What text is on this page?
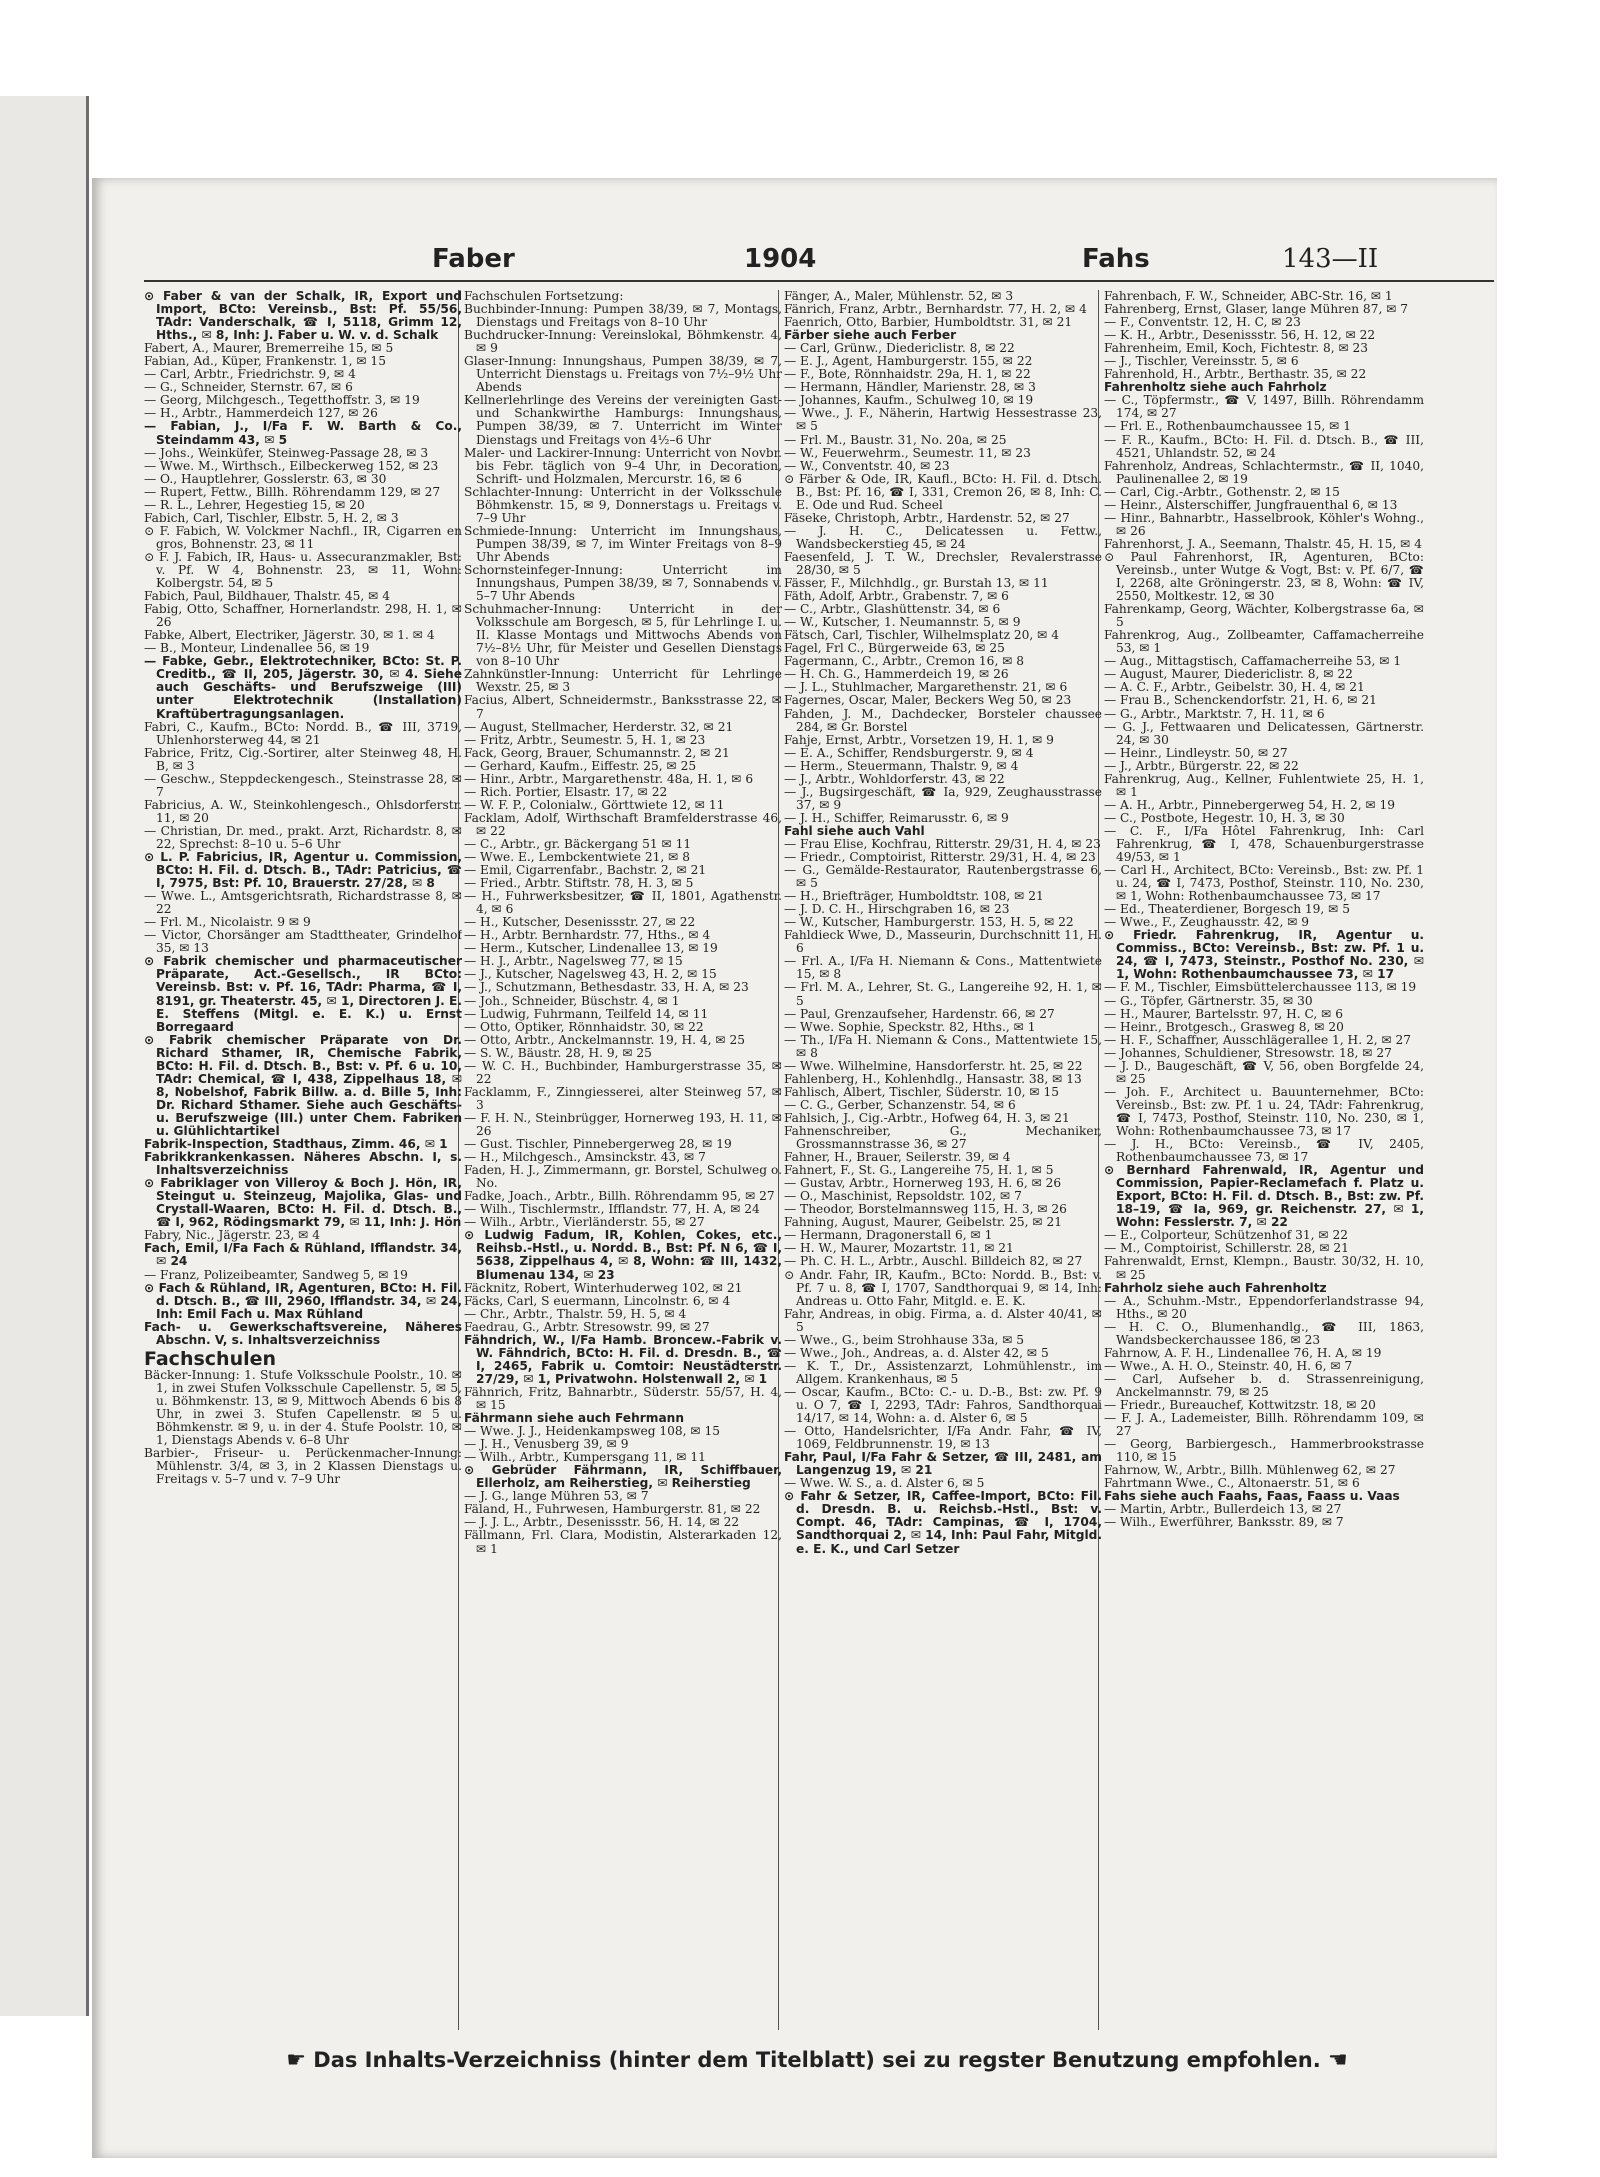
Faber	1904	Fahs	143—II

⊙ Faber & van der Schalk, IR, Export und Import, BCto: Vereinsb., Bst: Pf. 55/56, TAdr: Vanderschalk, ☎ I, 5118, Grimm 12, Hths., ✉ 8, Inh: J. Faber u. W. v. d. Schalk

Fabert, A., Maurer, Bremerreihe 15, ✉ 5

Fabian, Ad., Küper, Frankenstr. 1, ✉ 15

— Carl, Arbtr., Friedrichstr. 9, ✉ 4

— G., Schneider, Sternstr. 67, ✉ 6

— Georg, Milchgesch., Tegetthoffstr. 3, ✉ 19

— H., Arbtr., Hammerdeich 127, ✉ 26

— Fabian, J., I/Fa F. W. Barth & Co., Steindamm 43, ✉ 5

— Johs., Weinküfer, Steinweg-Passage 28, ✉ 3

— Wwe. M., Wirthsch., Eilbeckerweg 152, ✉ 23

— O., Hauptlehrer, Gosslerstr. 63, ✉ 30

— Rupert, Fettw., Billh. Röhrendamm 129, ✉ 27

— R. L., Lehrer, Hegestieg 15, ✉ 20

Fabich, Carl, Tischler, Elbstr. 5, H. 2, ✉ 3

⊙ F. Fabich, W. Volckmer Nachfl., IR, Cigarren en gros, Bohnenstr. 23, ✉ 11

⊙ F. J. Fabich, IR, Haus- u. Assecuranzmakler, Bst: v. Pf. W 4, Bohnenstr. 23, ✉ 11, Wohn: Kolbergstr. 54, ✉ 5

Fabich, Paul, Bildhauer, Thalstr. 45, ✉ 4

Fabig, Otto, Schaffner, Hornerlandstr. 298, H. 1, ✉ 26

Fabke, Albert, Electriker, Jägerstr. 30, ✉ 1. ✉ 4

— B., Monteur, Lindenallee 56, ✉ 19

— Fabke, Gebr., Elektrotechniker, BCto: St. P. Creditb., ☎ II, 205, Jägerstr. 30, ✉ 4. Siehe auch Geschäfts- und Berufszweige (III) unter Elektrotechnik (Installation) Kraftübertragungsanlagen.

Fabri, C., Kaufm., BCto: Nordd. B., ☎ III, 3719, Uhlenhorsterweg 44, ✉ 21

Fabrice, Fritz, Cig.-Sortirer, alter Steinweg 48, H. B, ✉ 3

— Geschw., Steppdeckengesch., Steinstrasse 28, ✉ 7

Fabricius, A. W., Steinkohlengesch., Ohlsdorferstr. 11, ✉ 20

— Christian, Dr. med., prakt. Arzt, Richardstr. 8, ✉ 22, Sprechst: 8–10 u. 5–6 Uhr

⊙ L. P. Fabricius, IR, Agentur u. Commission, BCto: H. Fil. d. Dtsch. B., TAdr: Patricius, ☎ I, 7975, Bst: Pf. 10, Brauerstr. 27/28, ✉ 8

— Wwe. L., Amtsgerichtsrath, Richardstrasse 8, ✉ 22

— Frl. M., Nicolaistr. 9 ✉ 9

— Victor, Chorsänger am Stadttheater, Grindelhof 35, ✉ 13

⊙ Fabrik chemischer und pharmaceutischer Präparate, Act.-Gesellsch., IR BCto: Vereinsb. Bst: v. Pf. 16, TAdr: Pharma, ☎ I, 8191, gr. Theaterstr. 45, ✉ 1, Directoren J. E. E. Steffens (Mitgl. e. E. K.) u. Ernst Borregaard

⊙ Fabrik chemischer Präparate von Dr. Richard Sthamer, IR, Chemische Fabrik, BCto: H. Fil. d. Dtsch. B., Bst: v. Pf. 6 u. 10, TAdr: Chemical, ☎ I, 438, Zippelhaus 18, ✉ 8, Nobelshof, Fabrik Billw. a. d. Bille 5, Inh: Dr. Richard Sthamer. Siehe auch Geschäfts- u. Berufszweige (III.) unter Chem. Fabriken u. Glühlichtartikel

Fabrik-Inspection, Stadthaus, Zimm. 46, ✉ 1

Fabrikkrankenkassen. Näheres Abschn. I, s. Inhaltsverzeichniss

⊙ Fabriklager von Villeroy & Boch J. Hön, IR, Steingut u. Steinzeug, Majolika, Glas- und Crystall-Waaren, BCto: H. Fil. d. Dtsch. B., ☎ I, 962, Rödingsmarkt 79, ✉ 11, Inh: J. Hön

Fabry, Nic., Jägerstr. 23, ✉ 4

Fach, Emil, I/Fa Fach & Rühland, Ifflandstr. 34, ✉ 24

— Franz, Polizeibeamter, Sandweg 5, ✉ 19

⊙ Fach & Rühland, IR, Agenturen, BCto: H. Fil. d. Dtsch. B., ☎ III, 2960, Ifflandstr. 34, ✉ 24, Inh: Emil Fach u. Max Rühland

Fach- u. Gewerkschaftsvereine, Näheres Abschn. V, s. Inhaltsverzeichniss

Fachschulen

Bäcker-Innung: 1. Stufe Volksschule Poolstr., 10. ✉ 1, in zwei Stufen Volksschule Capellenstr. 5, ✉ 5, u. Böhmkenstr. 13, ✉ 9, Mittwoch Abends 6 bis 8 Uhr, in zwei 3. Stufen Capellenstr. ✉ 5 u. Böhmkenstr. ✉ 9, u. in der 4. Stufe Poolstr. 10, ✉ 1, Dienstags Abends v. 6–8 Uhr

Barbier-, Friseur- u. Perückenmacher-Innung: Mühlenstr. 3/4, ✉ 3, in 2 Klassen Dienstags u. Freitags v. 5–7 und v. 7–9 Uhr

Fachschulen Fortsetzung:

Buchbinder-Innung: Pumpen 38/39, ✉ 7, Montags, Dienstags und Freitags von 8–10 Uhr

Buchdrucker-Innung: Vereinslokal, Böhmkenstr. 4, ✉ 9

Glaser-Innung: Innungshaus, Pumpen 38/39, ✉ 7, Unterricht Dienstags u. Freitags von 7½–9½ Uhr Abends

Kellnerlehrlinge des Vereins der vereinigten Gast- und Schankwirthe Hamburgs: Innungshaus, Pumpen 38/39, ✉ 7. Unterricht im Winter Dienstags und Freitags von 4½–6 Uhr

Maler- und Lackirer-Innung: Unterricht von Novbr. bis Febr. täglich von 9–4 Uhr, in Decoration, Schrift- und Holzmalen, Mercurstr. 16, ✉ 6

Schlachter-Innung: Unterricht in der Volksschule Böhmkenstr. 15, ✉ 9, Donnerstags u. Freitags v. 7–9 Uhr

Schmiede-Innung: Unterricht im Innungshaus, Pumpen 38/39, ✉ 7, im Winter Freitags von 8–9 Uhr Abends

Schornsteinfeger-Innung: Unterricht im Innungshaus, Pumpen 38/39, ✉ 7, Sonnabends v. 5–7 Uhr Abends

Schuhmacher-Innung: Unterricht in der Volksschule am Borgesch, ✉ 5, für Lehrlinge I. u. II. Klasse Montags und Mittwochs Abends von 7½–8½ Uhr, für Meister und Gesellen Dienstags von 8–10 Uhr

Zahnkünstler-Innung: Unterricht für Lehrlinge Wexstr. 25, ✉ 3

Facius, Albert, Schneidermstr., Banksstrasse 22, ✉ 7

— August, Stellmacher, Herderstr. 32, ✉ 21

— Fritz, Arbtr., Seumestr. 5, H. 1, ✉ 23

Fack, Georg, Brauer, Schumannstr. 2, ✉ 21

— Gerhard, Kaufm., Eiffestr. 25, ✉ 25

— Hinr., Arbtr., Margarethenstr. 48a, H. 1, ✉ 6

— Rich. Portier, Elsastr. 17, ✉ 22

— W. F. P., Colonialw., Görttwiete 12, ✉ 11

Facklam, Adolf, Wirthschaft Bramfelderstrasse 46, ✉ 22

— C., Arbtr., gr. Bäckergang 51 ✉ 11

— Wwe. E., Lembckentwiete 21, ✉ 8

— Emil, Cigarrenfabr., Bachstr. 2, ✉ 21

— Fried., Arbtr. Stiftstr. 78, H. 3, ✉ 5

— H., Fuhrwerksbesitzer, ☎ II, 1801, Agathenstr. 4, ✉ 6

— H., Kutscher, Desenissstr. 27, ✉ 22

— H., Arbtr. Bernhardstr. 77, Hths., ✉ 4

— Herm., Kutscher, Lindenallee 13, ✉ 19

— H. J., Arbtr., Nagelsweg 77, ✉ 15

— J., Kutscher, Nagelsweg 43, H. 2, ✉ 15

— J., Schutzmann, Bethesdastr. 33, H. A, ✉ 23

— Joh., Schneider, Büschstr. 4, ✉ 1

— Ludwig, Fuhrmann, Teilfeld 14, ✉ 11

— Otto, Optiker, Rönnhaidstr. 30, ✉ 22

— Otto, Arbtr., Anckelmannstr. 19, H. 4, ✉ 25

— S. W., Bäustr. 28, H. 9, ✉ 25

— W. C. H., Buchbinder, Hamburgerstrasse 35, ✉ 22

Facklamm, F., Zinngiesserei, alter Steinweg 57, ✉ 3

— F. H. N., Steinbrügger, Hornerweg 193, H. 11, ✉ 26

— Gust. Tischler, Pinnebergerweg 28, ✉ 19

— H., Milchgesch., Amsinckstr. 43, ✉ 7

Faden, H. J., Zimmermann, gr. Borstel, Schulweg o. No.

Fadke, Joach., Arbtr., Billh. Röhrendamm 95, ✉ 27

— Wilh., Tischlermstr., Ifflandstr. 77, H. A, ✉ 24

— Wilh., Arbtr., Vierländerstr. 55, ✉ 27

⊙ Ludwig Fadum, IR, Kohlen, Cokes, etc., Reihsb.-Hstl., u. Nordd. B., Bst: Pf. N 6, ☎ I, 5638, Zippelhaus 4, ✉ 8, Wohn: ☎ III, 1432, Blumenau 134, ✉ 23

Fäcknitz, Robert, Winterhuderweg 102, ✉ 21

Fäcks, Carl, S euermann, Lincolnstr. 6, ✉ 4

— Chr., Arbtr., Thalstr. 59, H. 5, ✉ 4

Faedrau, G., Arbtr. Stresowstr. 99, ✉ 27

Fähndrich, W., I/Fa Hamb. Broncew.-Fabrik v. W. Fähndrich, BCto: H. Fil. d. Dresdn. B., ☎ I, 2465, Fabrik u. Comtoir: Neustädterstr. 27/29, ✉ 1, Privatwohn. Holstenwall 2, ✉ 1

Fähnrich, Fritz, Bahnarbtr., Süderstr. 55/57, H. 4, ✉ 15

Fährmann siehe auch Fehrmann

— Wwe. J. J., Heidenkampsweg 108, ✉ 15

— J. H., Venusberg 39, ✉ 9

— Wilh., Arbtr., Kumpersgang 11, ✉ 11

⊙ Gebrüder Fährmann, IR, Schiffbauer, Ellerholz, am Reiherstieg, ✉ Reiherstieg

— J. G., lange Mühren 53, ✉ 7

Fäland, H., Fuhrwesen, Hamburgerstr. 81, ✉ 22

— J. J. L., Arbtr., Desenissstr. 56, H. 14, ✉ 22

Fällmann, Frl. Clara, Modistin, Alsterarkaden 12, ✉ 1

Fänger, A., Maler, Mühlenstr. 52, ✉ 3

Fänrich, Franz, Arbtr., Bernhardstr. 77, H. 2, ✉ 4

Faenrich, Otto, Barbier, Humboldtstr. 31, ✉ 21

Färber siehe auch Ferber

— Carl, Grünw., Diedericlistr. 8, ✉ 22

— E. J., Agent, Hamburgerstr. 155, ✉ 22

— F., Bote, Rönnhaidstr. 29a, H. 1, ✉ 22

— Hermann, Händler, Marienstr. 28, ✉ 3

— Johannes, Kaufm., Schulweg 10, ✉ 19

— Wwe., J. F., Näherin, Hartwig Hessestrasse 23, ✉ 5

— Frl. M., Baustr. 31, No. 20a, ✉ 25

— W., Feuerwehrm., Seumestr. 11, ✉ 23

— W., Conventstr. 40, ✉ 23

⊙ Färber & Ode, IR, Kaufl., BCto: H. Fil. d. Dtsch. B., Bst: Pf. 16, ☎ I, 331, Cremon 26, ✉ 8, Inh: C. E. Ode und Rud. Scheel

Fäseke, Christoph, Arbtr., Hardenstr. 52, ✉ 27

— J. H. C., Delicatessen u. Fettw., Wandsbeckerstieg 45, ✉ 24

Faesenfeld, J. T. W., Drechsler, Revalerstrasse 28/30, ✉ 5

Fässer, F., Milchhdlg., gr. Burstah 13, ✉ 11

Fäth, Adolf, Arbtr., Grabenstr. 7, ✉ 6

— C., Arbtr., Glashüttenstr. 34, ✉ 6

— W., Kutscher, 1. Neumannstr. 5, ✉ 9

Fätsch, Carl, Tischler, Wilhelmsplatz 20, ✉ 4

Fagel, Frl C., Bürgerweide 63, ✉ 25

Fagermann, C., Arbtr., Cremon 16, ✉ 8

— H. Ch. G., Hammerdeich 19, ✉ 26

— J. L., Stuhlmacher, Margarethenstr. 21, ✉ 6

Fagernes, Oscar, Maler, Beckers Weg 50, ✉ 23

Fahden, J. M., Dachdecker, Borsteler chaussee 284, ✉ Gr. Borstel

Fahje, Ernst, Arbtr., Vorsetzen 19, H. 1, ✉ 9

— E. A., Schiffer, Rendsburgerstr. 9, ✉ 4

— Herm., Steuermann, Thalstr. 9, ✉ 4

— J., Arbtr., Wohldorferstr. 43, ✉ 22

— J., Bugsirgeschäft, ☎ Ia, 929, Zeughausstrasse 37, ✉ 9

— J. H., Schiffer, Reimarusstr. 6, ✉ 9

Fahl siehe auch Vahl

— Frau Elise, Kochfrau, Ritterstr. 29/31, H. 4, ✉ 23

— Friedr., Comptoirist, Ritterstr. 29/31, H. 4, ✉ 23

— G., Gemälde-Restaurator, Rautenbergstrasse 6, ✉ 5

— H., Briefträger, Humboldtstr. 108, ✉ 21

— J. D. C. H., Hirschgraben 16, ✉ 23

— W., Kutscher, Hamburgerstr. 153, H. 5, ✉ 22

Fahldieck Wwe, D., Masseurin, Durchschnitt 11, H. 6

— Frl. A., I/Fa H. Niemann & Cons., Mattentwiete 15, ✉ 8

— Frl. M. A., Lehrer, St. G., Langereihe 92, H. 1, ✉ 5

— Paul, Grenzaufseher, Hardenstr. 66, ✉ 27

— Wwe. Sophie, Speckstr. 82, Hths., ✉ 1

— Th., I/Fa H. Niemann & Cons., Mattentwiete 15, ✉ 8

— Wwe. Wilhelmine, Hansdorferstr. ht. 25, ✉ 22

Fahlenberg, H., Kohlenhdlg., Hansastr. 38, ✉ 13

Fahlisch, Albert, Tischler, Süderstr. 10, ✉ 15

— C. G., Gerber, Schanzenstr. 54, ✉ 6

Fahlsich, J., Cig.-Arbtr., Hofweg 64, H. 3, ✉ 21

Fahnenschreiber, G., Mechaniker, Grossmannstrasse 36, ✉ 27

Fahner, H., Brauer, Seilerstr. 39, ✉ 4

Fahnert, F., St. G., Langereihe 75, H. 1, ✉ 5

— Gustav, Arbtr., Hornerweg 193, H. 6, ✉ 26

— O., Maschinist, Repsoldstr. 102, ✉ 7

— Theodor, Borstelmannsweg 115, H. 3, ✉ 26

Fahning, August, Maurer, Geibelstr. 25, ✉ 21

— Hermann, Dragonerstall 6, ✉ 1

— H. W., Maurer, Mozartstr. 11, ✉ 21

— Ph. C. H. L., Arbtr., Auschl. Billdeich 82, ✉ 27

⊙ Andr. Fahr, IR, Kaufm., BCto: Nordd. B., Bst: v. Pf. 7 u. 8, ☎ I, 1707, Sandthorquai 9, ✉ 14, Inh: Andreas u. Otto Fahr, Mitgld. e. E. K.

Fahr, Andreas, in obig. Firma, a. d. Alster 40/41, ✉ 5

— Wwe., G., beim Strohhause 33a, ✉ 5

— Wwe., Joh., Andreas, a. d. Alster 42, ✉ 5

— K. T., Dr., Assistenzarzt, Lohmühlenstr., im Allgem. Krankenhaus, ✉ 5

— Oscar, Kaufm., BCto: C.- u. D.-B., Bst: zw. Pf. 9 u. O 7, ☎ I, 2293, TAdr: Fahros, Sandthorquai 14/17, ✉ 14, Wohn: a. d. Alster 6, ✉ 5

— Otto, Handelsrichter, I/Fa Andr. Fahr, ☎ IV, 1069, Feldbrunnenstr. 19, ✉ 13

Fahr, Paul, I/Fa Fahr & Setzer, ☎ III, 2481, am Langenzug 19, ✉ 21

— Wwe. W. S., a. d. Alster 6, ✉ 5

⊙ Fahr & Setzer, IR, Caffee-Import, BCto: Fil. d. Dresdn. B. u. Reichsb.-Hstl., Bst: v. Compt. 46, TAdr: Campinas, ☎ I, 1704, Sandthorquai 2, ✉ 14, Inh: Paul Fahr, Mitgld. e. E. K., und Carl Setzer

Fahrenbach, F. W., Schneider, ABC-Str. 16, ✉ 1

Fahrenberg, Ernst, Glaser, lange Mühren 87, ✉ 7

— F., Conventstr. 12, H. C, ✉ 23

— K. H., Arbtr., Desenissstr. 56, H. 12, ✉ 22

Fahrenheim, Emil, Koch, Fichtestr. 8, ✉ 23

— J., Tischler, Vereinsstr. 5, ✉ 6

Fahrenhold, H., Arbtr., Berthastr. 35, ✉ 22

Fahrenholtz siehe auch Fahrholz

— C., Töpfermstr., ☎ V, 1497, Billh. Röhrendamm 174, ✉ 27

— Frl. E., Rothenbaumchaussee 15, ✉ 1

— F. R., Kaufm., BCto: H. Fil. d. Dtsch. B., ☎ III, 4521, Uhlandstr. 52, ✉ 24

Fahrenholz, Andreas, Schlachtermstr., ☎ II, 1040, Paulinenallee 2, ✉ 19

— Carl, Cig.-Arbtr., Gothenstr. 2, ✉ 15

— Heinr., Alsterschiffer, Jungfrauenthal 6, ✉ 13

— Hinr., Bahnarbtr., Hasselbrook, Köhler's Wohng., ✉ 26

Fahrenhorst, J. A., Seemann, Thalstr. 45, H. 15, ✉ 4

⊙ Paul Fahrenhorst, IR, Agenturen, BCto: Vereinsb., unter Wutge & Vogt, Bst: v. Pf. 6/7, ☎ I, 2268, alte Gröningerstr. 23, ✉ 8, Wohn: ☎ IV, 2550, Moltkestr. 12, ✉ 30

Fahrenkamp, Georg, Wächter, Kolbergstrasse 6a, ✉ 5

Fahrenkrog, Aug., Zollbeamter, Caffamacherreihe 53, ✉ 1

— Aug., Mittagstisch, Caffamacherreihe 53, ✉ 1

— August, Maurer, Diedericlistr. 8, ✉ 22

— A. C. F., Arbtr., Geibelstr. 30, H. 4, ✉ 21

— Frau B., Schenckendorfstr. 21, H. 6, ✉ 21

— G., Arbtr., Marktstr. 7, H. 11, ✉ 6

— G. J., Fettwaaren und Delicatessen, Gärtnerstr. 24, ✉ 30

— Heinr., Lindleystr. 50, ✉ 27

— J., Arbtr., Bürgerstr. 22, ✉ 22

Fahrenkrug, Aug., Kellner, Fuhlentwiete 25, H. 1, ✉ 1

— A. H., Arbtr., Pinnebergerweg 54, H. 2, ✉ 19

— C., Postbote, Hegestr. 10, H. 3, ✉ 30

— C. F., I/Fa Hôtel Fahrenkrug, Inh: Carl Fahrenkrug, ☎ I, 478, Schauenburgerstrasse 49/53, ✉ 1

— Carl H., Architect, BCto: Vereinsb., Bst: zw. Pf. 1 u. 24, ☎ I, 7473, Posthof, Steinstr. 110, No. 230, ✉ 1, Wohn: Rothenbaumchaussee 73, ✉ 17

— Ed., Theaterdiener, Borgesch 19, ✉ 5

— Wwe., F., Zeughausstr. 42, ✉ 9

⊙ Friedr. Fahrenkrug, IR, Agentur u. Commiss., BCto: Vereinsb., Bst: zw. Pf. 1 u. 24, ☎ I, 7473, Steinstr., Posthof No. 230, ✉ 1, Wohn: Rothenbaumchaussee 73, ✉ 17

— F. M., Tischler, Eimsbüttelerchaussee 113, ✉ 19

— G., Töpfer, Gärtnerstr. 35, ✉ 30

— H., Maurer, Bartelsstr. 97, H. C, ✉ 6

— Heinr., Brotgesch., Grasweg 8, ✉ 20

— H. F., Schaffner, Ausschlägerallee 1, H. 2, ✉ 27

— Johannes, Schuldiener, Stresowstr. 18, ✉ 27

— J. D., Baugeschäft, ☎ V, 56, oben Borgfelde 24, ✉ 25

— Joh. F., Architect u. Bauunternehmer, BCto: Vereinsb., Bst: zw. Pf. 1 u. 24, TAdr: Fahrenkrug, ☎ I, 7473, Posthof, Steinstr. 110, No. 230, ✉ 1, Wohn: Rothenbaumchaussee 73, ✉ 17

— J. H., BCto: Vereinsb., ☎ IV, 2405, Rothenbaumchaussee 73, ✉ 17

⊙ Bernhard Fahrenwald, IR, Agentur und Commission, Papier-Reclamefach f. Platz u. Export, BCto: H. Fil. d. Dtsch. B., Bst: zw. Pf. 18–19, ☎ Ia, 969, gr. Reichenstr. 27, ✉ 1, Wohn: Fesslerstr. 7, ✉ 22

— E., Colporteur, Schützenhof 31, ✉ 22

— M., Comptoirist, Schillerstr. 28, ✉ 21

Fahrenwaldt, Ernst, Klempn., Baustr. 30/32, H. 10, ✉ 25

Fahrholz siehe auch Fahrenholtz

— A., Schuhm.-Mstr., Eppendorferlandstrasse 94, Hths., ✉ 20

— H. C. O., Blumenhandlg., ☎ III, 1863, Wandsbeckerchaussee 186, ✉ 23

Fahrnow, A. F. H., Lindenallee 76, H. A, ✉ 19

— Wwe., A. H. O., Steinstr. 40, H. 6, ✉ 7

— Carl, Aufseher b. d. Strassenreinigung, Anckelmannstr. 79, ✉ 25

— Friedr., Bureauchef, Kottwitzstr. 18, ✉ 20

— F. J. A., Lademeister, Billh. Röhrendamm 109, ✉ 27

— Georg, Barbiergesch., Hammerbrookstrasse 110, ✉ 15

Fahrnow, W., Arbtr., Billh. Mühlenweg 62, ✉ 27

Fahrtmann Wwe., C., Altonaerstr. 51, ✉ 6

Fahs siehe auch Faahs, Faas, Faass u. Vaas

— Martin, Arbtr., Bullerdeich 13, ✉ 27

— Wilh., Ewerführer, Banksstr. 89, ✉ 7

☛ Das Inhalts-Verzeichniss (hinter dem Titelblatt) sei zu regster Benutzung empfohlen. ☚
